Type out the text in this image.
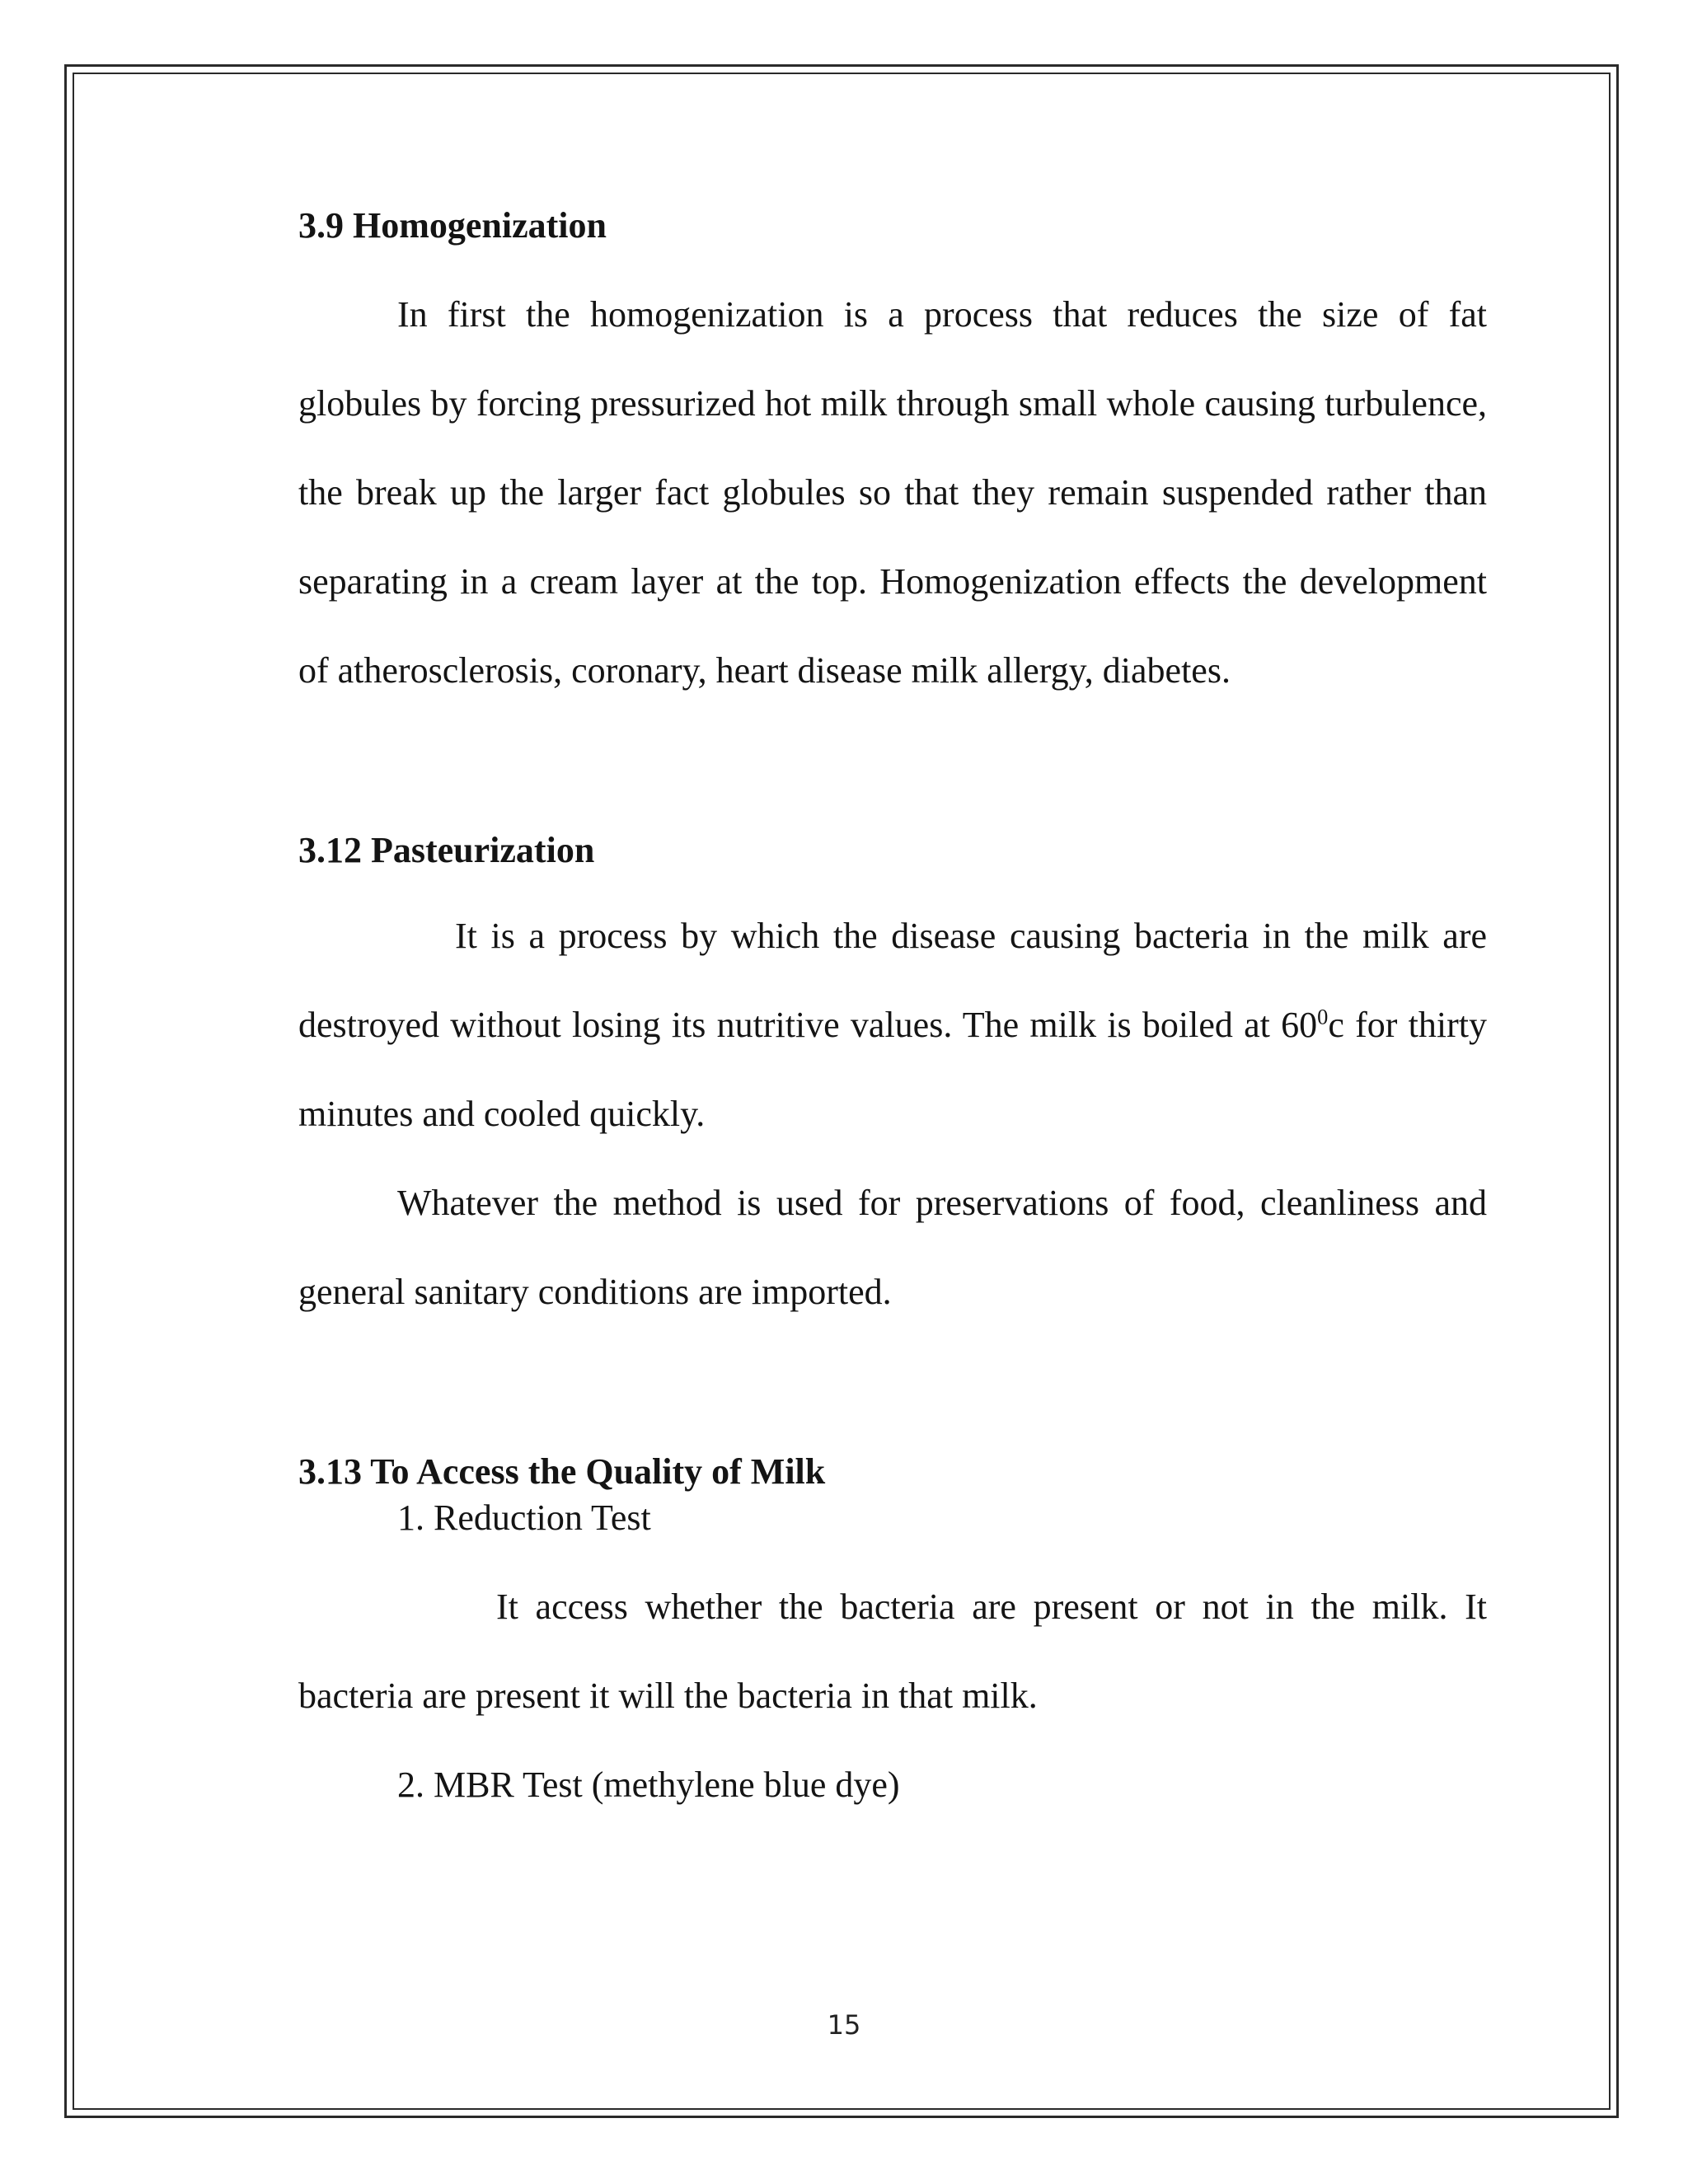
3.9 Homogenization

In first the homogenization is a process that reduces the size of fat globules by forcing pressurized hot milk through small whole causing turbulence, the break up the larger fact globules so that they remain suspended rather than separating in a cream layer at the top. Homogenization effects the development of atherosclerosis, coronary, heart disease milk allergy, diabetes.

3.12 Pasteurization

It is a process by which the disease causing bacteria in the milk are destroyed without losing its nutritive values. The milk is boiled at $60^0c$ for thirty minutes and cooled quickly.

Whatever the method is used for preservations of food, cleanliness and general sanitary conditions are imported.

3.13 To Access the Quality of Milk

1. Reduction Test

It access whether the bacteria are present or not in the milk. It bacteria are present it will the bacteria in that milk.

2. MBR Test (methylene blue dye)

15
